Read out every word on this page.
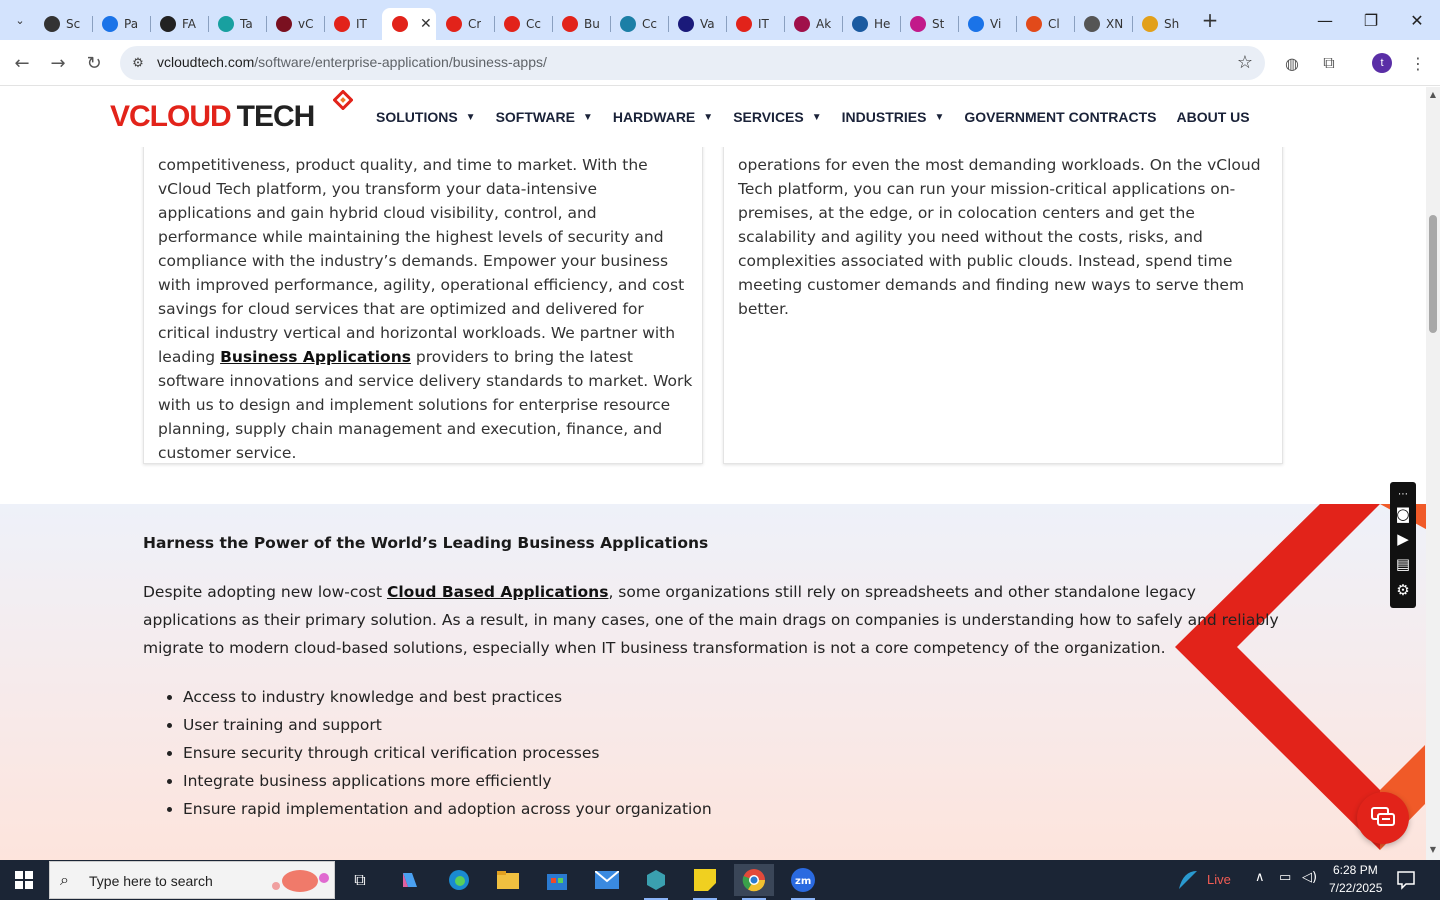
⌄	Sc	Pa	FA	Ta	vC	IT	✕	Cr	Cc	Bu	Cc	Va	IT	Ak	He	St	Vi	Cl	XN	Sh +	— ❐ ✕
← → ↻	⚙ vcloudtech.com/software/enterprise-application/business-apps/	☆	◍	⧉	⋮
t
VCLOUD TECH	SOLUTIONS ▼ SOFTWARE ▼ HARDWARE ▼ SERVICES ▼ INDUSTRIES ▼ GOVERNMENT CONTRACTS ABOUT US

competitiveness, product quality, and time to market. With the vCloud Tech platform, you transform your data-intensive applications and gain hybrid cloud visibility, control, and performance while maintaining the highest levels of security and compliance with the industry’s demands. Empower your business with improved performance, agility, operational efficiency, and cost savings for cloud services that are optimized and delivered for critical industry vertical and horizontal workloads. We partner with leading Business Applications providers to bring the latest software innovations and service delivery standards to market. Work with us to design and implement solutions for enterprise resource planning, supply chain management and execution, finance, and customer service.

operations for even the most demanding workloads. On the vCloud Tech platform, you can run your mission-critical applications on-premises, at the edge, or in colocation centers and get the scalability and agility you need without the costs, risks, and complexities associated with public clouds. Instead, spend time meeting customer demands and finding new ways to serve them better.

Harness the Power of the World’s Leading Business Applications
Despite adopting new low-cost Cloud Based Applications, some organizations still rely on spreadsheets and other standalone legacy applications as their primary solution. As a result, in many cases, one of the main drags on companies is understanding how to safely and reliably migrate to modern cloud-based solutions, especially when IT business transformation is not a core competency of the organization.
• Access to industry knowledge and best practices
• User training and support
• Ensure security through critical verification processes
• Integrate business applications more efficiently
• Ensure rapid implementation and adoption across your organization
⋯
◙
▶
▤
⚙
▲
▼
⌕ Type here to search	⧉	zm	Live ∧ ▭ ◁) 6:28 PM
7/22/2025
